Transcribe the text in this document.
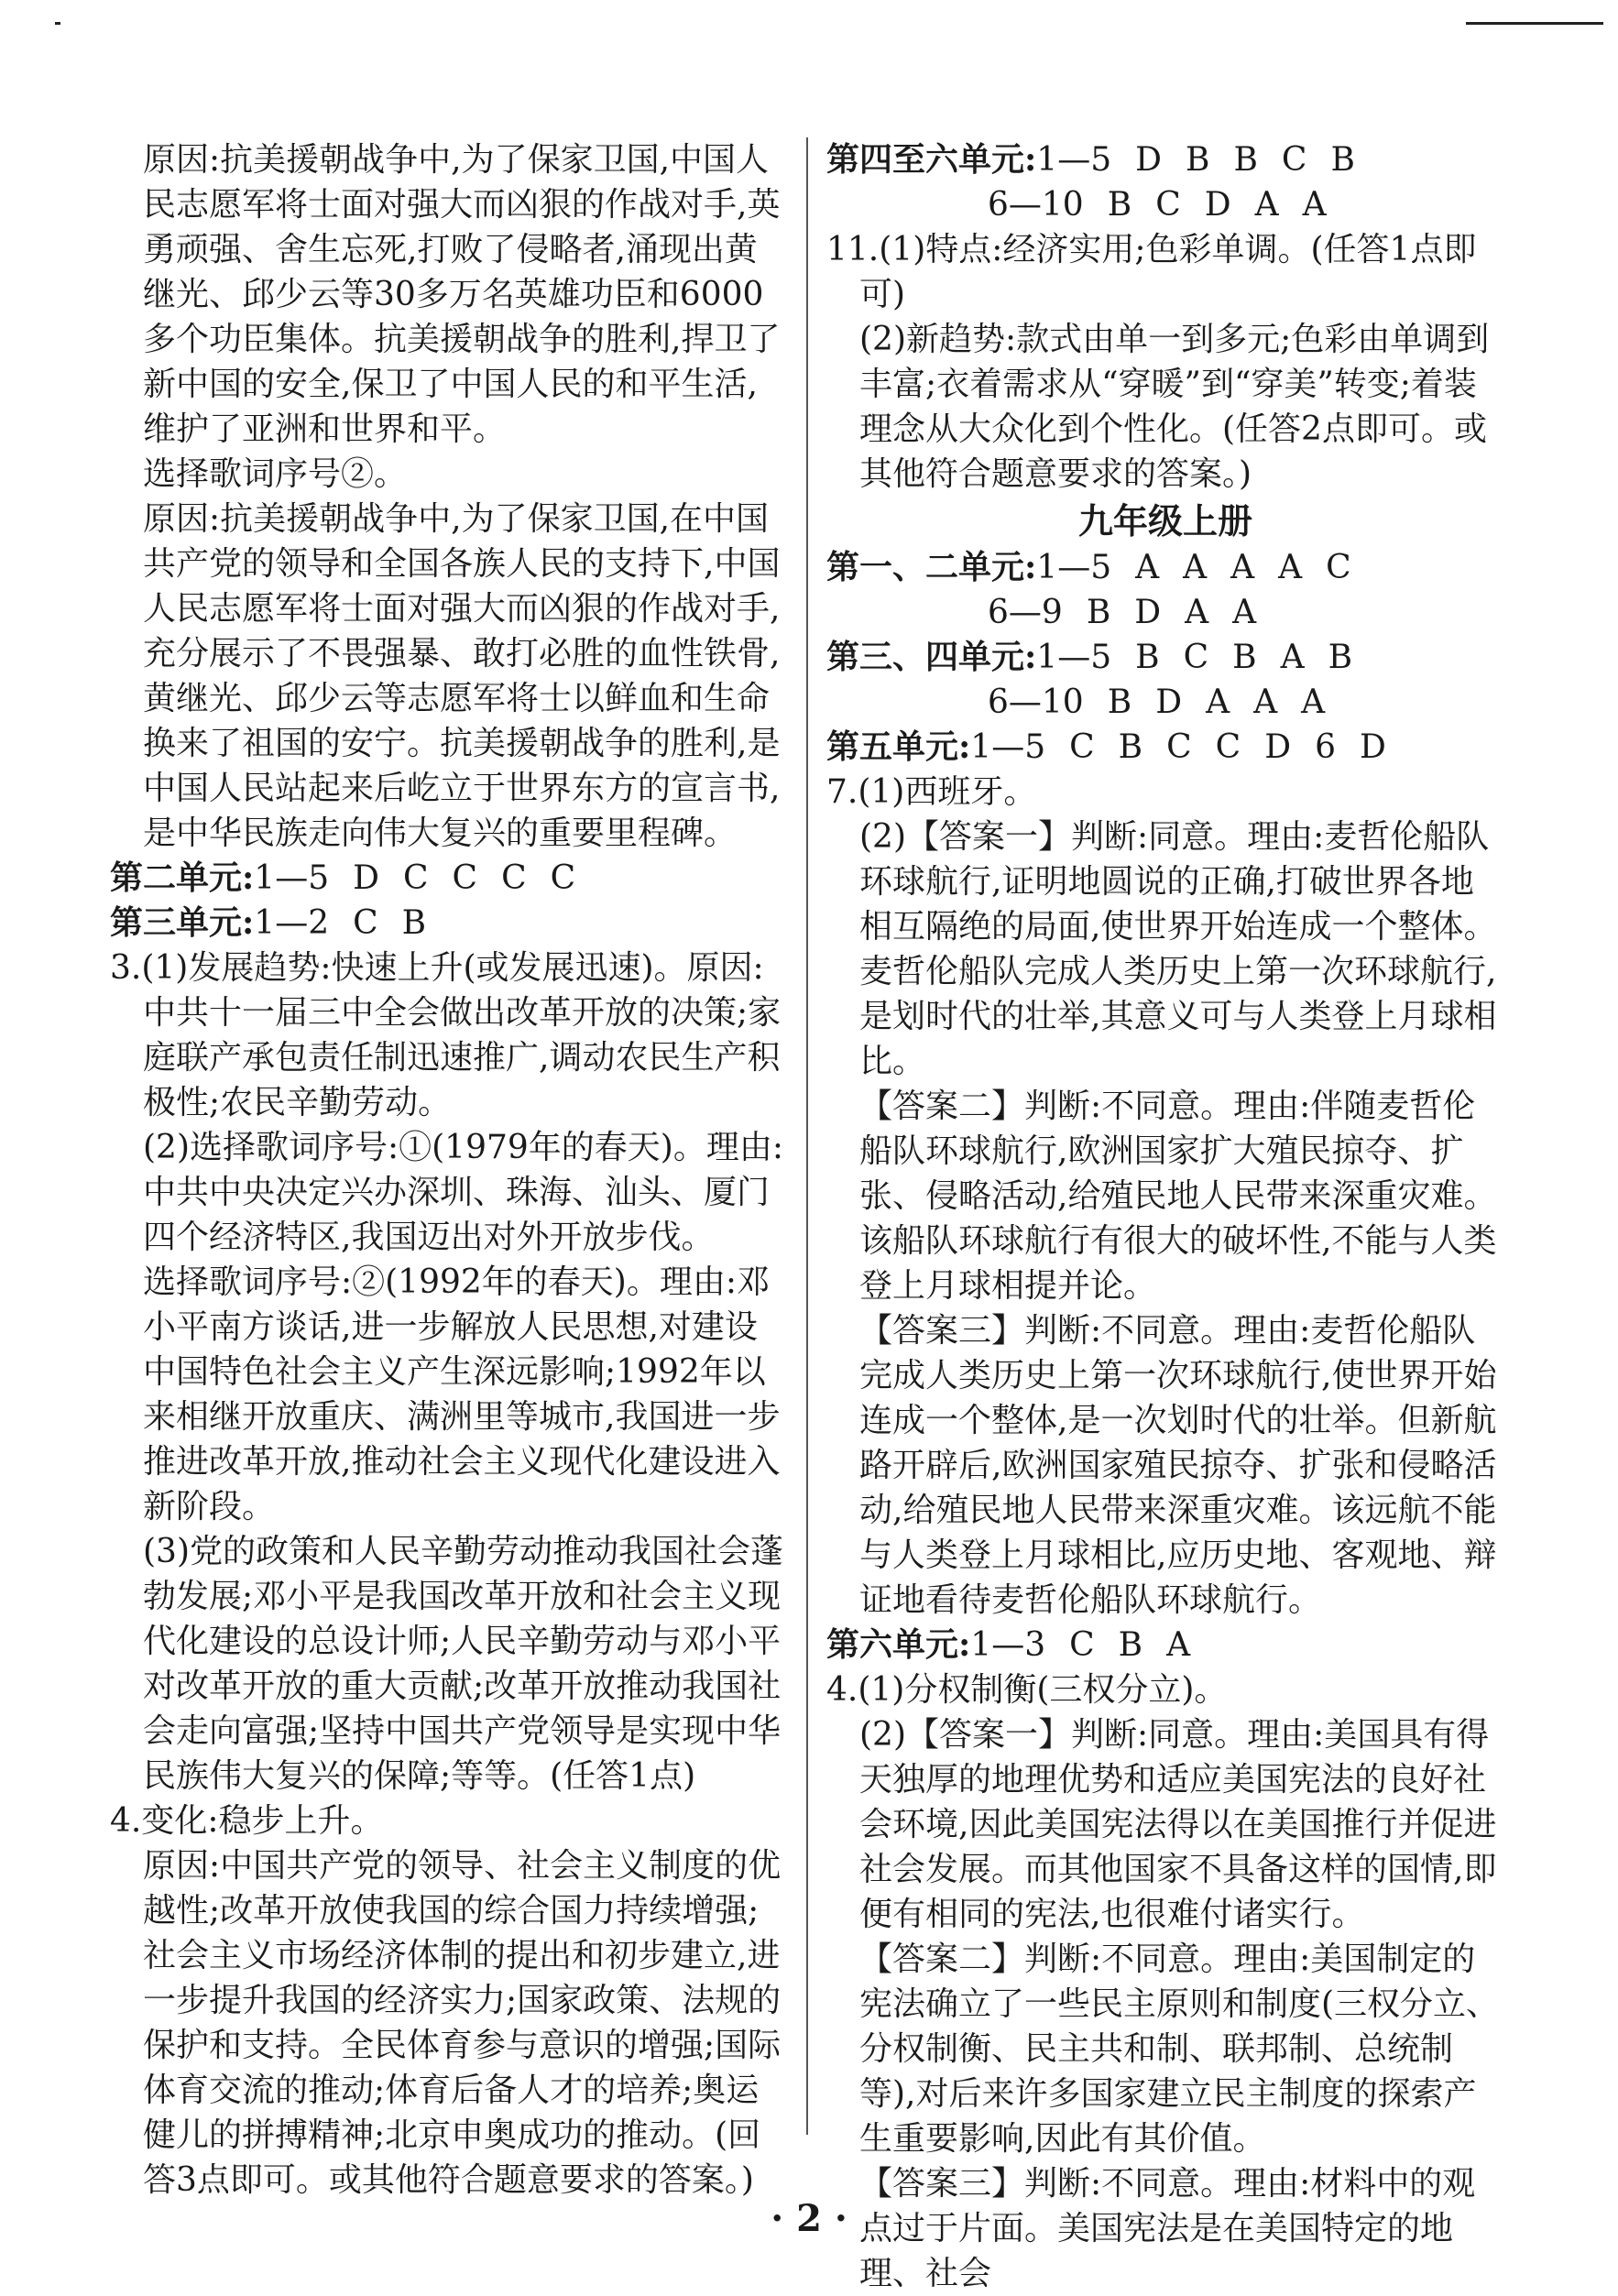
原因:抗美援朝战争中,为了保家卫国,中国人民志愿军将士面对强大而凶狠的作战对手,英勇顽强、舍生忘死,打败了侵略者,涌现出黄继光、邱少云等30多万名英雄功臣和6000多个功臣集体。抗美援朝战争的胜利,捍卫了新中国的安全,保卫了中国人民的和平生活,维护了亚洲和世界和平。

选择歌词序号②。

原因:抗美援朝战争中,为了保家卫国,在中国共产党的领导和全国各族人民的支持下,中国人民志愿军将士面对强大而凶狠的作战对手,充分展示了不畏强暴、敢打必胜的血性铁骨,黄继光、邱少云等志愿军将士以鲜血和生命换来了祖国的安宁。抗美援朝战争的胜利,是中国人民站起来后屹立于世界东方的宣言书,是中华民族走向伟大复兴的重要里程碑。

第二单元:1—5 D C C C C

第三单元:1—2 C B

3.(1)发展趋势:快速上升(或发展迅速)。原因:中共十一届三中全会做出改革开放的决策;家庭联产承包责任制迅速推广,调动农民生产积极性;农民辛勤劳动。

(2)选择歌词序号:①(1979年的春天)。理由:中共中央决定兴办深圳、珠海、汕头、厦门四个经济特区,我国迈出对外开放步伐。

选择歌词序号:②(1992年的春天)。理由:邓小平南方谈话,进一步解放人民思想,对建设中国特色社会主义产生深远影响;1992年以来相继开放重庆、满洲里等城市,我国进一步推进改革开放,推动社会主义现代化建设进入新阶段。

(3)党的政策和人民辛勤劳动推动我国社会蓬勃发展;邓小平是我国改革开放和社会主义现代化建设的总设计师;人民辛勤劳动与邓小平对改革开放的重大贡献;改革开放推动我国社会走向富强;坚持中国共产党领导是实现中华民族伟大复兴的保障;等等。(任答1点)

4.变化:稳步上升。

原因:中国共产党的领导、社会主义制度的优越性;改革开放使我国的综合国力持续增强;社会主义市场经济体制的提出和初步建立,进一步提升我国的经济实力;国家政策、法规的保护和支持。全民体育参与意识的增强;国际体育交流的推动;体育后备人才的培养;奥运健儿的拼搏精神;北京申奥成功的推动。(回答3点即可。或其他符合题意要求的答案。)

第四至六单元:1—5 D B B C B

6—10 B C D A A

11.(1)特点:经济实用;色彩单调。(任答1点即可)

(2)新趋势:款式由单一到多元;色彩由单调到丰富;衣着需求从“穿暖”到“穿美”转变;着装理念从大众化到个性化。(任答2点即可。或其他符合题意要求的答案。)

九年级上册

第一、二单元:1—5 A A A A C

6—9 B D A A

第三、四单元:1—5 B C B A B

6—10 B D A A A

第五单元:1—5 C B C C D 6 D

7.(1)西班牙。

(2)【答案一】判断:同意。理由:麦哲伦船队环球航行,证明地圆说的正确,打破世界各地相互隔绝的局面,使世界开始连成一个整体。麦哲伦船队完成人类历史上第一次环球航行,是划时代的壮举,其意义可与人类登上月球相比。

【答案二】判断:不同意。理由:伴随麦哲伦船队环球航行,欧洲国家扩大殖民掠夺、扩张、侵略活动,给殖民地人民带来深重灾难。该船队环球航行有很大的破坏性,不能与人类登上月球相提并论。

【答案三】判断:不同意。理由:麦哲伦船队完成人类历史上第一次环球航行,使世界开始连成一个整体,是一次划时代的壮举。但新航路开辟后,欧洲国家殖民掠夺、扩张和侵略活动,给殖民地人民带来深重灾难。该远航不能与人类登上月球相比,应历史地、客观地、辩证地看待麦哲伦船队环球航行。

第六单元:1—3 C B A

4.(1)分权制衡(三权分立)。

(2)【答案一】判断:同意。理由:美国具有得天独厚的地理优势和适应美国宪法的良好社会环境,因此美国宪法得以在美国推行并促进社会发展。而其他国家不具备这样的国情,即便有相同的宪法,也很难付诸实行。

【答案二】判断:不同意。理由:美国制定的宪法确立了一些民主原则和制度(三权分立、分权制衡、民主共和制、联邦制、总统制等),对后来许多国家建立民主制度的探索产生重要影响,因此有其价值。

【答案三】判断:不同意。理由:材料中的观点过于片面。美国宪法是在美国特定的地理、社会

· 2 ·
